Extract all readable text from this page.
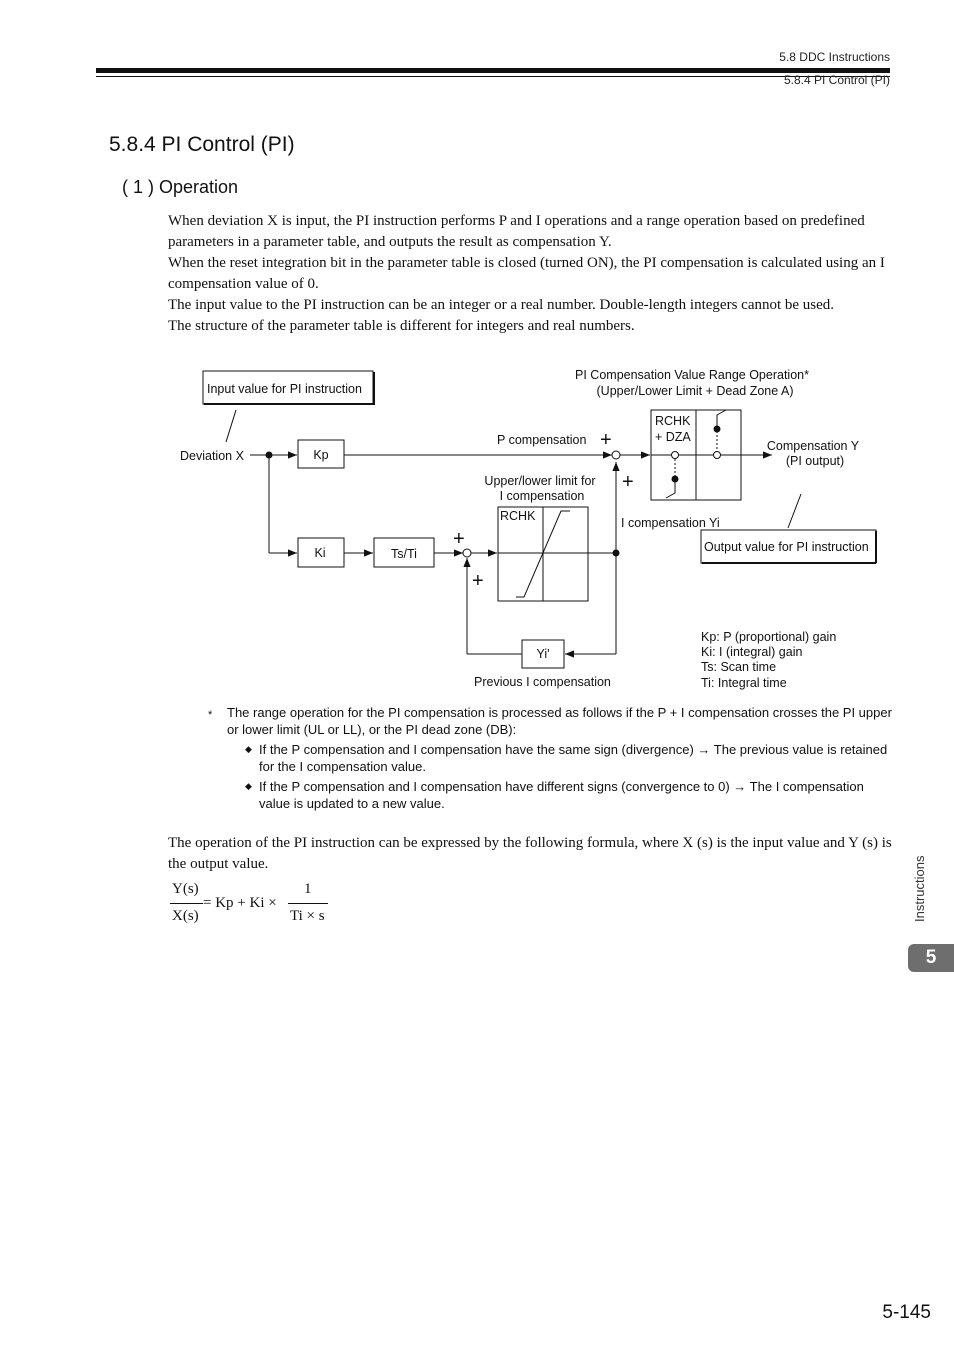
5.8 DDC Instructions
5.8.4 PI Control (PI)
5.8.4 PI Control (PI)
( 1 ) Operation

When deviation X is input, the PI instruction performs P and I operations and a range operation based on predefined parameters in a parameter table, and outputs the result as compensation Y.

When the reset integration bit in the parameter table is closed (turned ON), the PI compensation is calculated using an I compensation value of 0.

The input value to the PI instruction can be an integer or a real number. Double-length integers cannot be used.

The structure of the parameter table is different for integers and real numbers.

Input value for PI instruction
Output value for PI instruction
PI Compensation Value Range Operation*
(Upper/Lower Limit + Dead Zone A)
Deviation X	Kp
Ki	Ts/Ti
Yi'
P compensation
I compensation Yi
Upper/lower limit for
I compensation
RCHK
RCHK
+ DZA
Compensation Y
(PI output)
Previous I compensation
Kp: P (proportional) gain
Ki: I (integral) gain
Ts: Scan time
Ti: Integral time
+
+
+
+
* The range operation for the PI compensation is processed as follows if the P + I compensation crosses the PI upper or lower limit (UL or LL), or the PI dead zone (DB):
◆ If the P compensation and I compensation have the same sign (divergence) → The previous value is retained for the I compensation value.
◆ If the P compensation and I compensation have different signs (convergence to 0) → The I compensation value is updated to a new value.
The operation of the PI instruction can be expressed by the following formula, where X (s) is the input value and Y (s) is the output value.
Y(s)
X(s)
= Kp + Ki ×
1
Ti × s	Instructions
5
5-145
